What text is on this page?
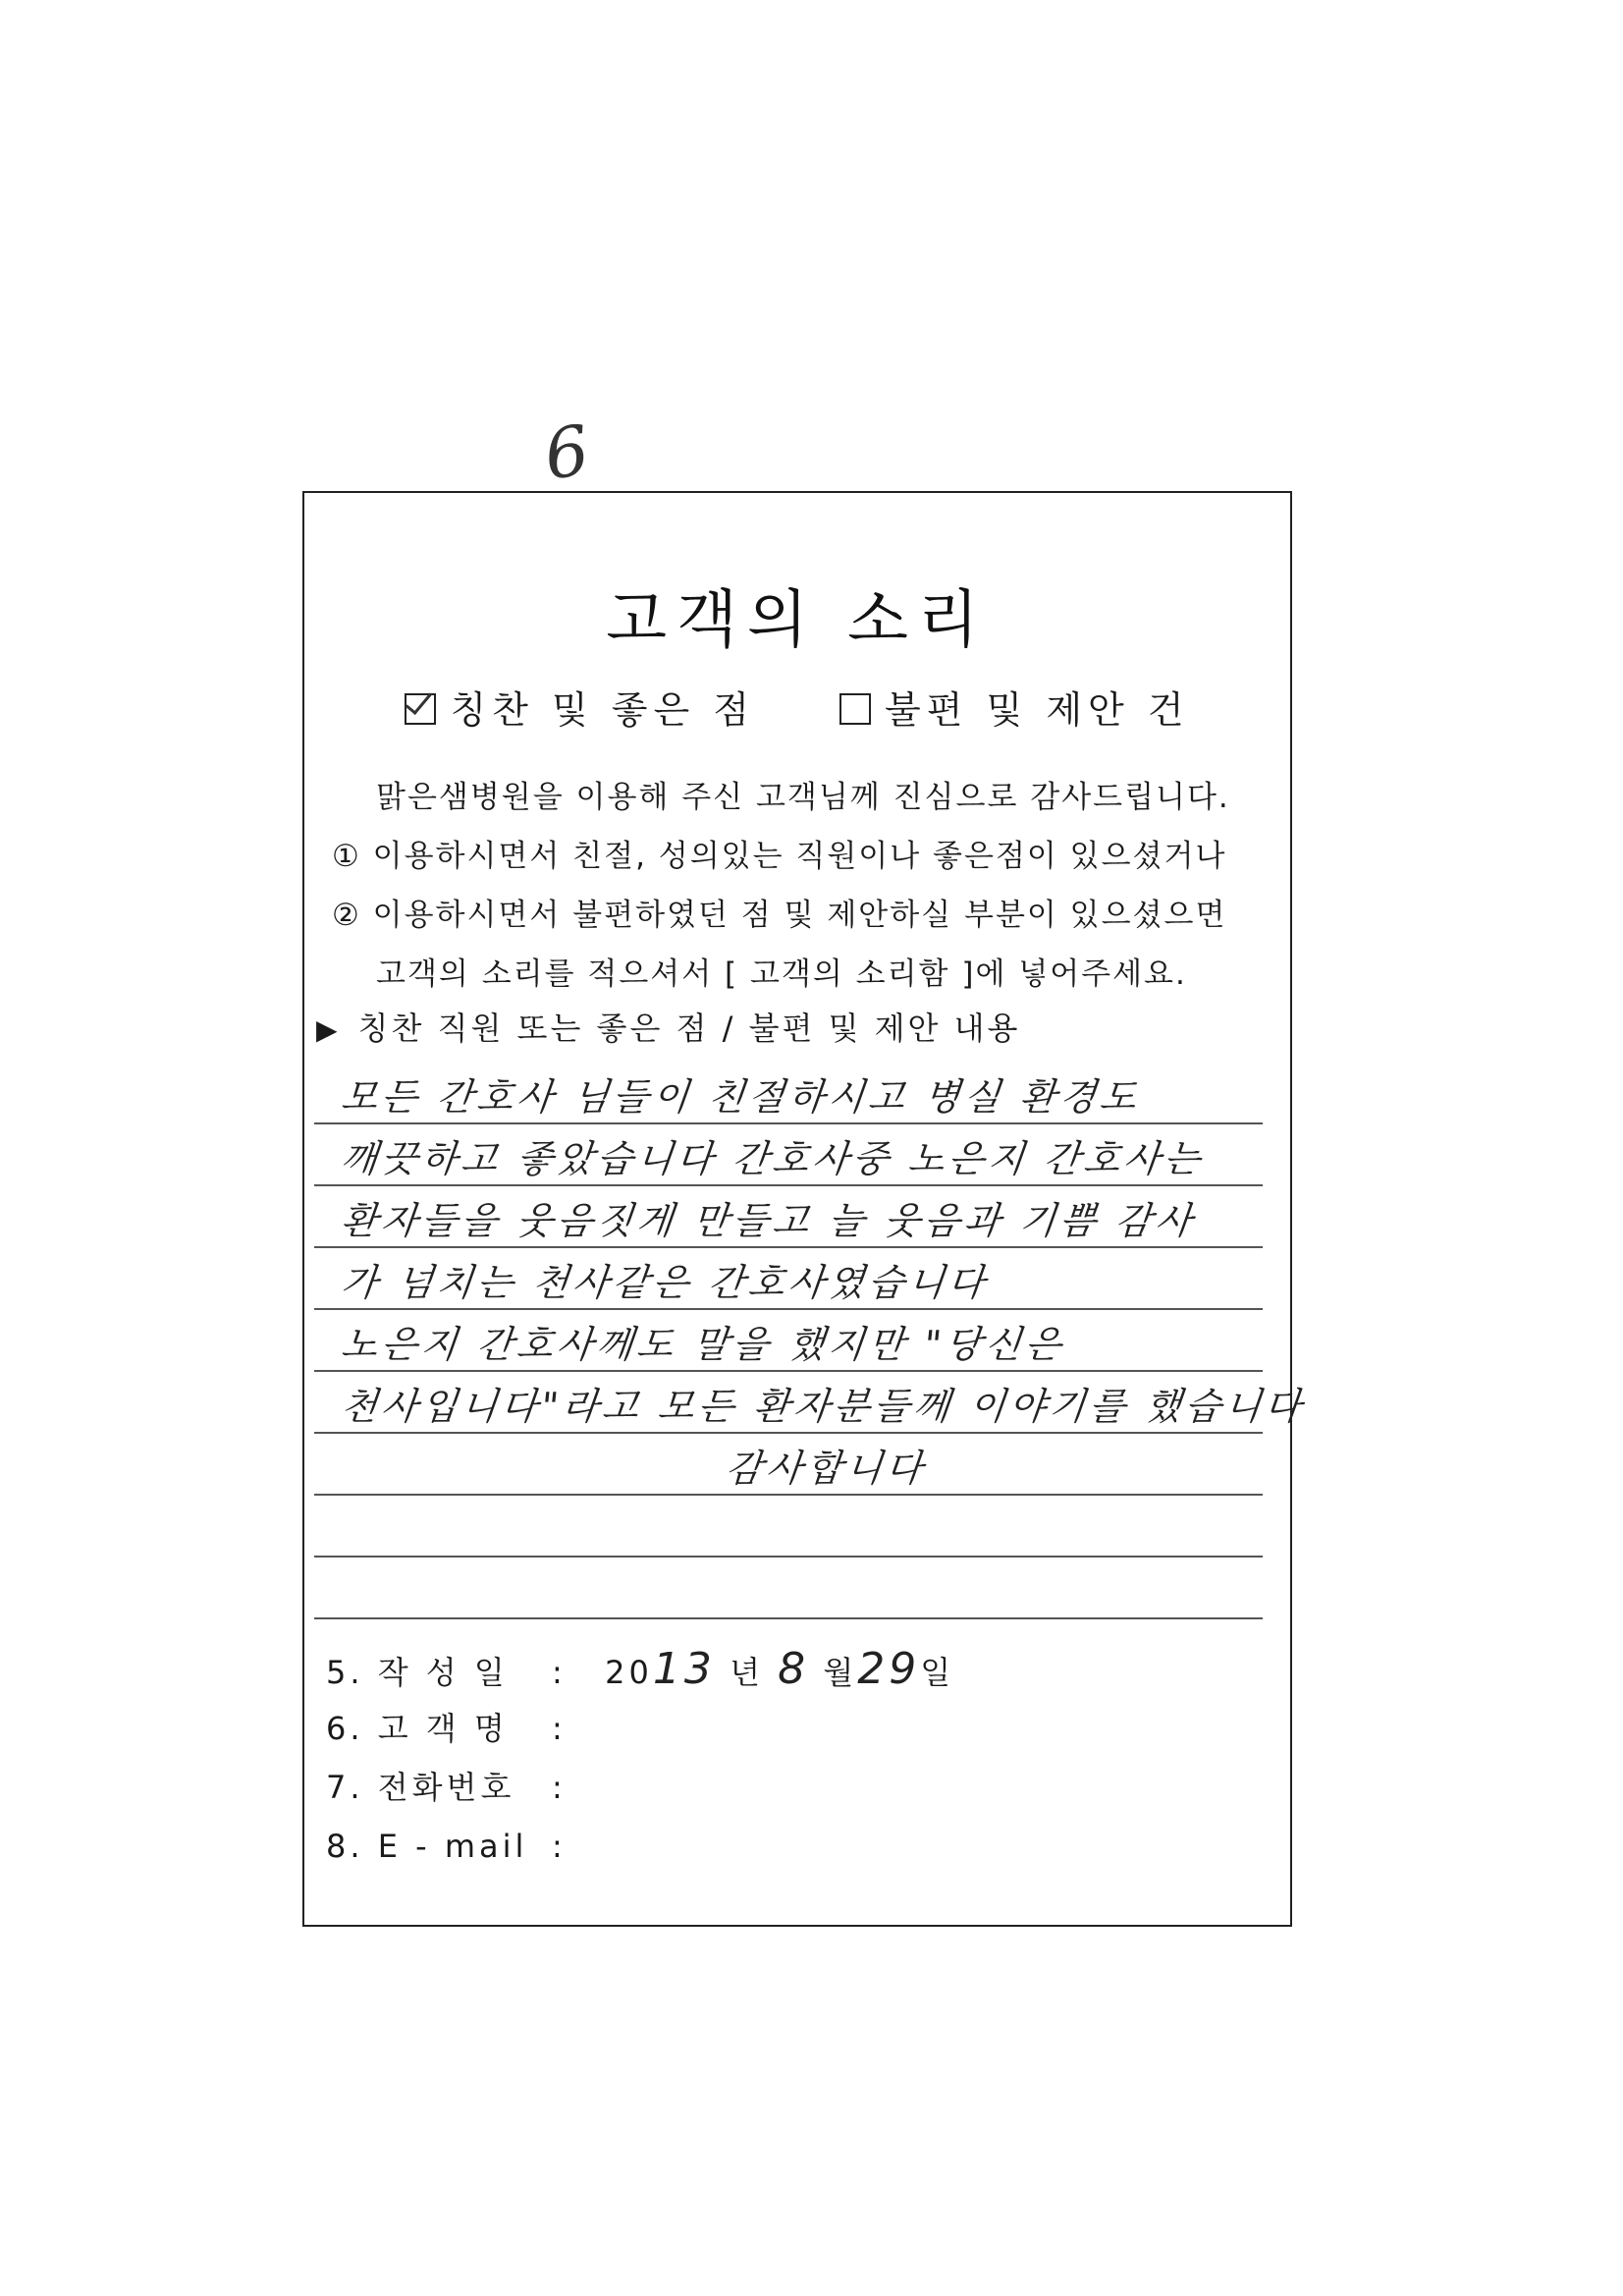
6
고객의 소리
칭찬 및 좋은 점	불편 및 제안 건
맑은샘병원을 이용해 주신 고객님께 진심으로 감사드립니다.
① 이용하시면서 친절, 성의있는 직원이나 좋은점이 있으셨거나
② 이용하시면서 불편하였던 점 및 제안하실 부분이 있으셨으면
고객의 소리를 적으셔서 [ 고객의 소리함 ]에 넣어주세요.
▶ 칭찬 직원 또는 좋은 점 / 불편 및 제안 내용
모든 간호사 님들이 친절하시고 병실 환경도
깨끗하고 좋았습니다 간호사중 노은지 간호사는
환자들을 웃음짓게 만들고 늘 웃음과 기쁨 감사
가 넘치는 천사같은 간호사였습니다
노은지 간호사께도 말을 했지만 "당신은
천사입니다"라고 모든 환자분들께 이야기를 했습니다
감사합니다
5. 작 성 일 : 2013 년 8 월29일
6. 고 객 명 :
7. 전화번호 :
8. E - mail :
